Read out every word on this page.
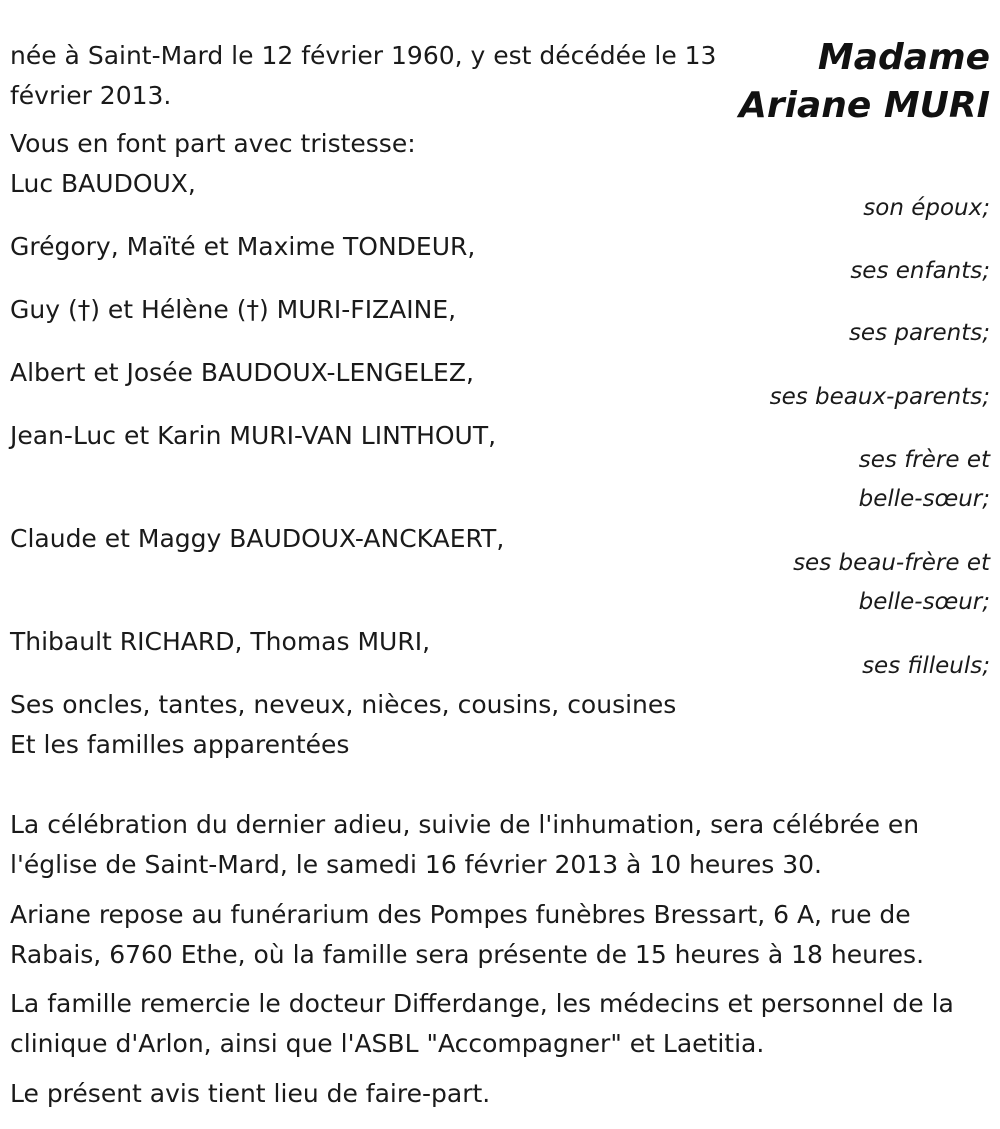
Madame
Ariane MURI
née à Saint-Mard le 12 février 1960, y est décédée le 13 février 2013.
Vous en font part avec tristesse:
Luc BAUDOUX,
son époux;
Grégory, Maïté et Maxime TONDEUR,
ses enfants;
Guy (†) et Hélène (†) MURI-FIZAINE,
ses parents;
Albert et Josée BAUDOUX-LENGELEZ,
ses beaux-parents;
Jean-Luc et Karin MURI-VAN LINTHOUT,
ses frère et
belle-sœur;
Claude et Maggy BAUDOUX-ANCKAERT,
ses beau-frère et
belle-sœur;
Thibault RICHARD, Thomas MURI,
ses filleuls;
Ses oncles, tantes, neveux, nièces, cousins, cousines
Et les familles apparentées
La célébration du dernier adieu, suivie de l'inhumation, sera célébrée en l'église de Saint-Mard, le samedi 16 février 2013 à 10 heures 30.
Ariane repose au funérarium des Pompes funèbres Bressart, 6 A, rue de Rabais, 6760 Ethe, où la famille sera présente de 15 heures à 18 heures.
La famille remercie le docteur Differdange, les médecins et personnel de la clinique d'Arlon, ainsi que l'ASBL "Accompagner" et Laetitia.
Le présent avis tient lieu de faire-part.
